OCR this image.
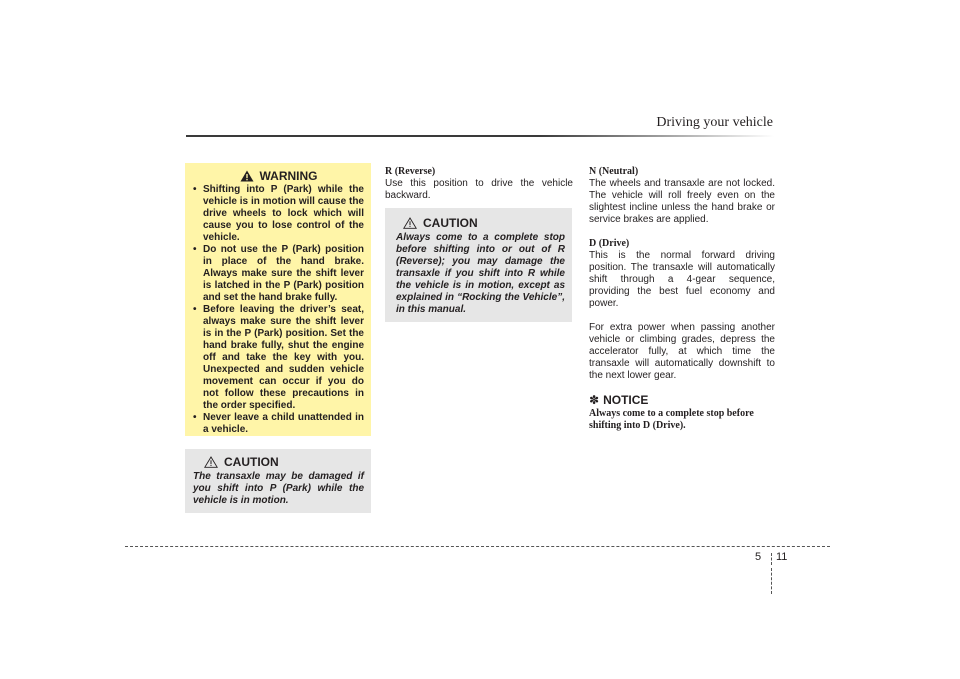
Driving your vehicle
WARNING
• Shifting into P (Park) while the vehicle is in motion will cause the drive wheels to lock which will cause you to lose control of the vehicle.
• Do not use the P (Park) position in place of the hand brake. Always make sure the shift lever is latched in the P (Park) position and set the hand brake fully.
• Before leaving the driver’s seat, always make sure the shift lever is in the P (Park) position. Set the hand brake fully, shut the engine off and take the key with you. Unexpected and sudden vehicle movement can occur if you do not follow these precautions in the order specified.
• Never leave a child unattended in a vehicle.
CAUTION

The transaxle may be damaged if you shift into P (Park) while the vehicle is in motion.

R (Reverse)

Use this position to drive the vehicle backward.

CAUTION

Always come to a complete stop before shifting into or out of R (Reverse); you may damage the transaxle if you shift into R while the vehicle is in motion, except as explained in “Rocking the Vehicle”, in this manual.

N (Neutral)

The wheels and transaxle are not locked. The vehicle will roll freely even on the slightest incline unless the hand brake or service brakes are applied.

D (Drive)

This is the normal forward driving position. The transaxle will automatically shift through a 4-gear sequence, providing the best fuel economy and power.

For extra power when passing another vehicle or climbing grades, depress the accelerator fully, at which time the transaxle will automatically downshift to the next lower gear.

✽ NOTICE

Always come to a complete stop before shifting into D (Drive).

5 11
